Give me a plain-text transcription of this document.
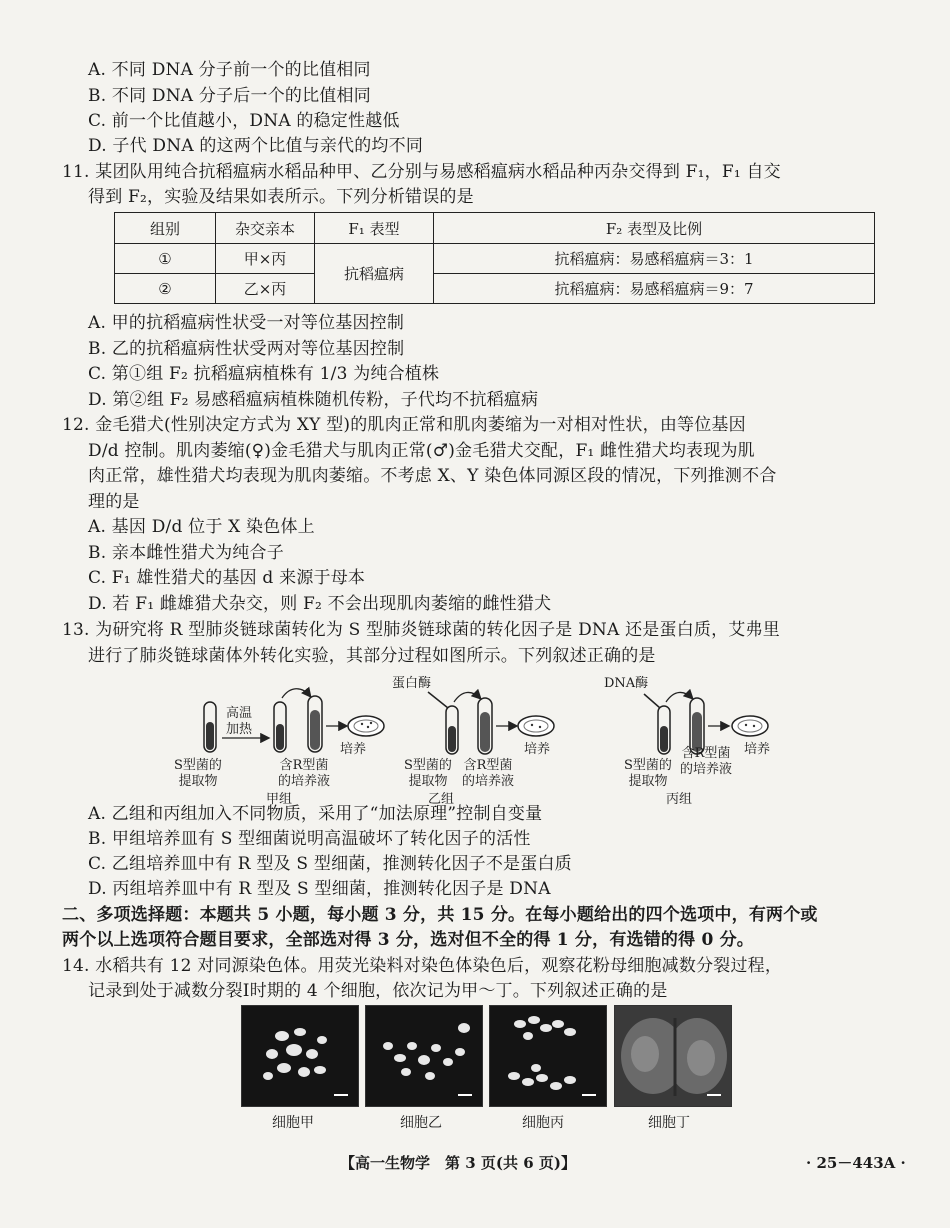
A. 不同 DNA 分子前一个的比值相同
B. 不同 DNA 分子后一个的比值相同
C. 前一个比值越小，DNA 的稳定性越低
D. 子代 DNA 的这两个比值与亲代的均不同
11. 某团队用纯合抗稻瘟病水稻品种甲、乙分别与易感稻瘟病水稻品种丙杂交得到 F₁，F₁ 自交
得到 F₂，实验及结果如表所示。下列分析错误的是
组别	杂交亲本	F₁ 表型	F₂ 表型及比例
①	甲×丙	抗稻瘟病	抗稻瘟病：易感稻瘟病＝3：1
②	乙×丙		抗稻瘟病：易感稻瘟病＝9：7
A. 甲的抗稻瘟病性状受一对等位基因控制
B. 乙的抗稻瘟病性状受两对等位基因控制
C. 第①组 F₂ 抗稻瘟病植株有 1/3 为纯合植株
D. 第②组 F₂ 易感稻瘟病植株随机传粉，子代均不抗稻瘟病
12. 金毛猎犬(性别决定方式为 XY 型)的肌肉正常和肌肉萎缩为一对相对性状，由等位基因
D/d 控制。肌肉萎缩(♀)金毛猎犬与肌肉正常(♂)金毛猎犬交配，F₁ 雌性猎犬均表现为肌
肉正常，雄性猎犬均表现为肌肉萎缩。不考虑 X、Y 染色体同源区段的情况，下列推测不合
理的是
A. 基因 D/d 位于 X 染色体上
B. 亲本雌性猎犬为纯合子
C. F₁ 雄性猎犬的基因 d 来源于母本
D. 若 F₁ 雌雄猎犬杂交，则 F₂ 不会出现肌肉萎缩的雌性猎犬
13. 为研究将 R 型肺炎链球菌转化为 S 型肺炎链球菌的转化因子是 DNA 还是蛋白质，艾弗里
进行了肺炎链球菌体外转化实验，其部分过程如图所示。下列叙述正确的是
高温
加热
蛋白酶	DNA酶
S型菌的
提取物
含R型菌
的培养液
培养
甲组
S型菌的
提取物
含R型菌
的培养液
培养
乙组
S型菌的
提取物
含R型菌
的培养液
培养
丙组
A. 乙组和丙组加入不同物质，采用了“加法原理”控制自变量
B. 甲组培养皿有 S 型细菌说明高温破坏了转化因子的活性
C. 乙组培养皿中有 R 型及 S 型细菌，推测转化因子不是蛋白质
D. 丙组培养皿中有 R 型及 S 型细菌，推测转化因子是 DNA
二、多项选择题：本题共 5 小题，每小题 3 分，共 15 分。在每小题给出的四个选项中，有两个或
两个以上选项符合题目要求，全部选对得 3 分，选对但不全的得 1 分，有选错的得 0 分。
14. 水稻共有 12 对同源染色体。用荧光染料对染色体染色后，观察花粉母细胞减数分裂过程，
记录到处于减数分裂Ⅰ时期的 4 个细胞，依次记为甲～丁。下列叙述正确的是
细胞甲	细胞乙	细胞丙	细胞丁
【高一生物学　第 3 页(共 6 页)】	· 25－443A ·
